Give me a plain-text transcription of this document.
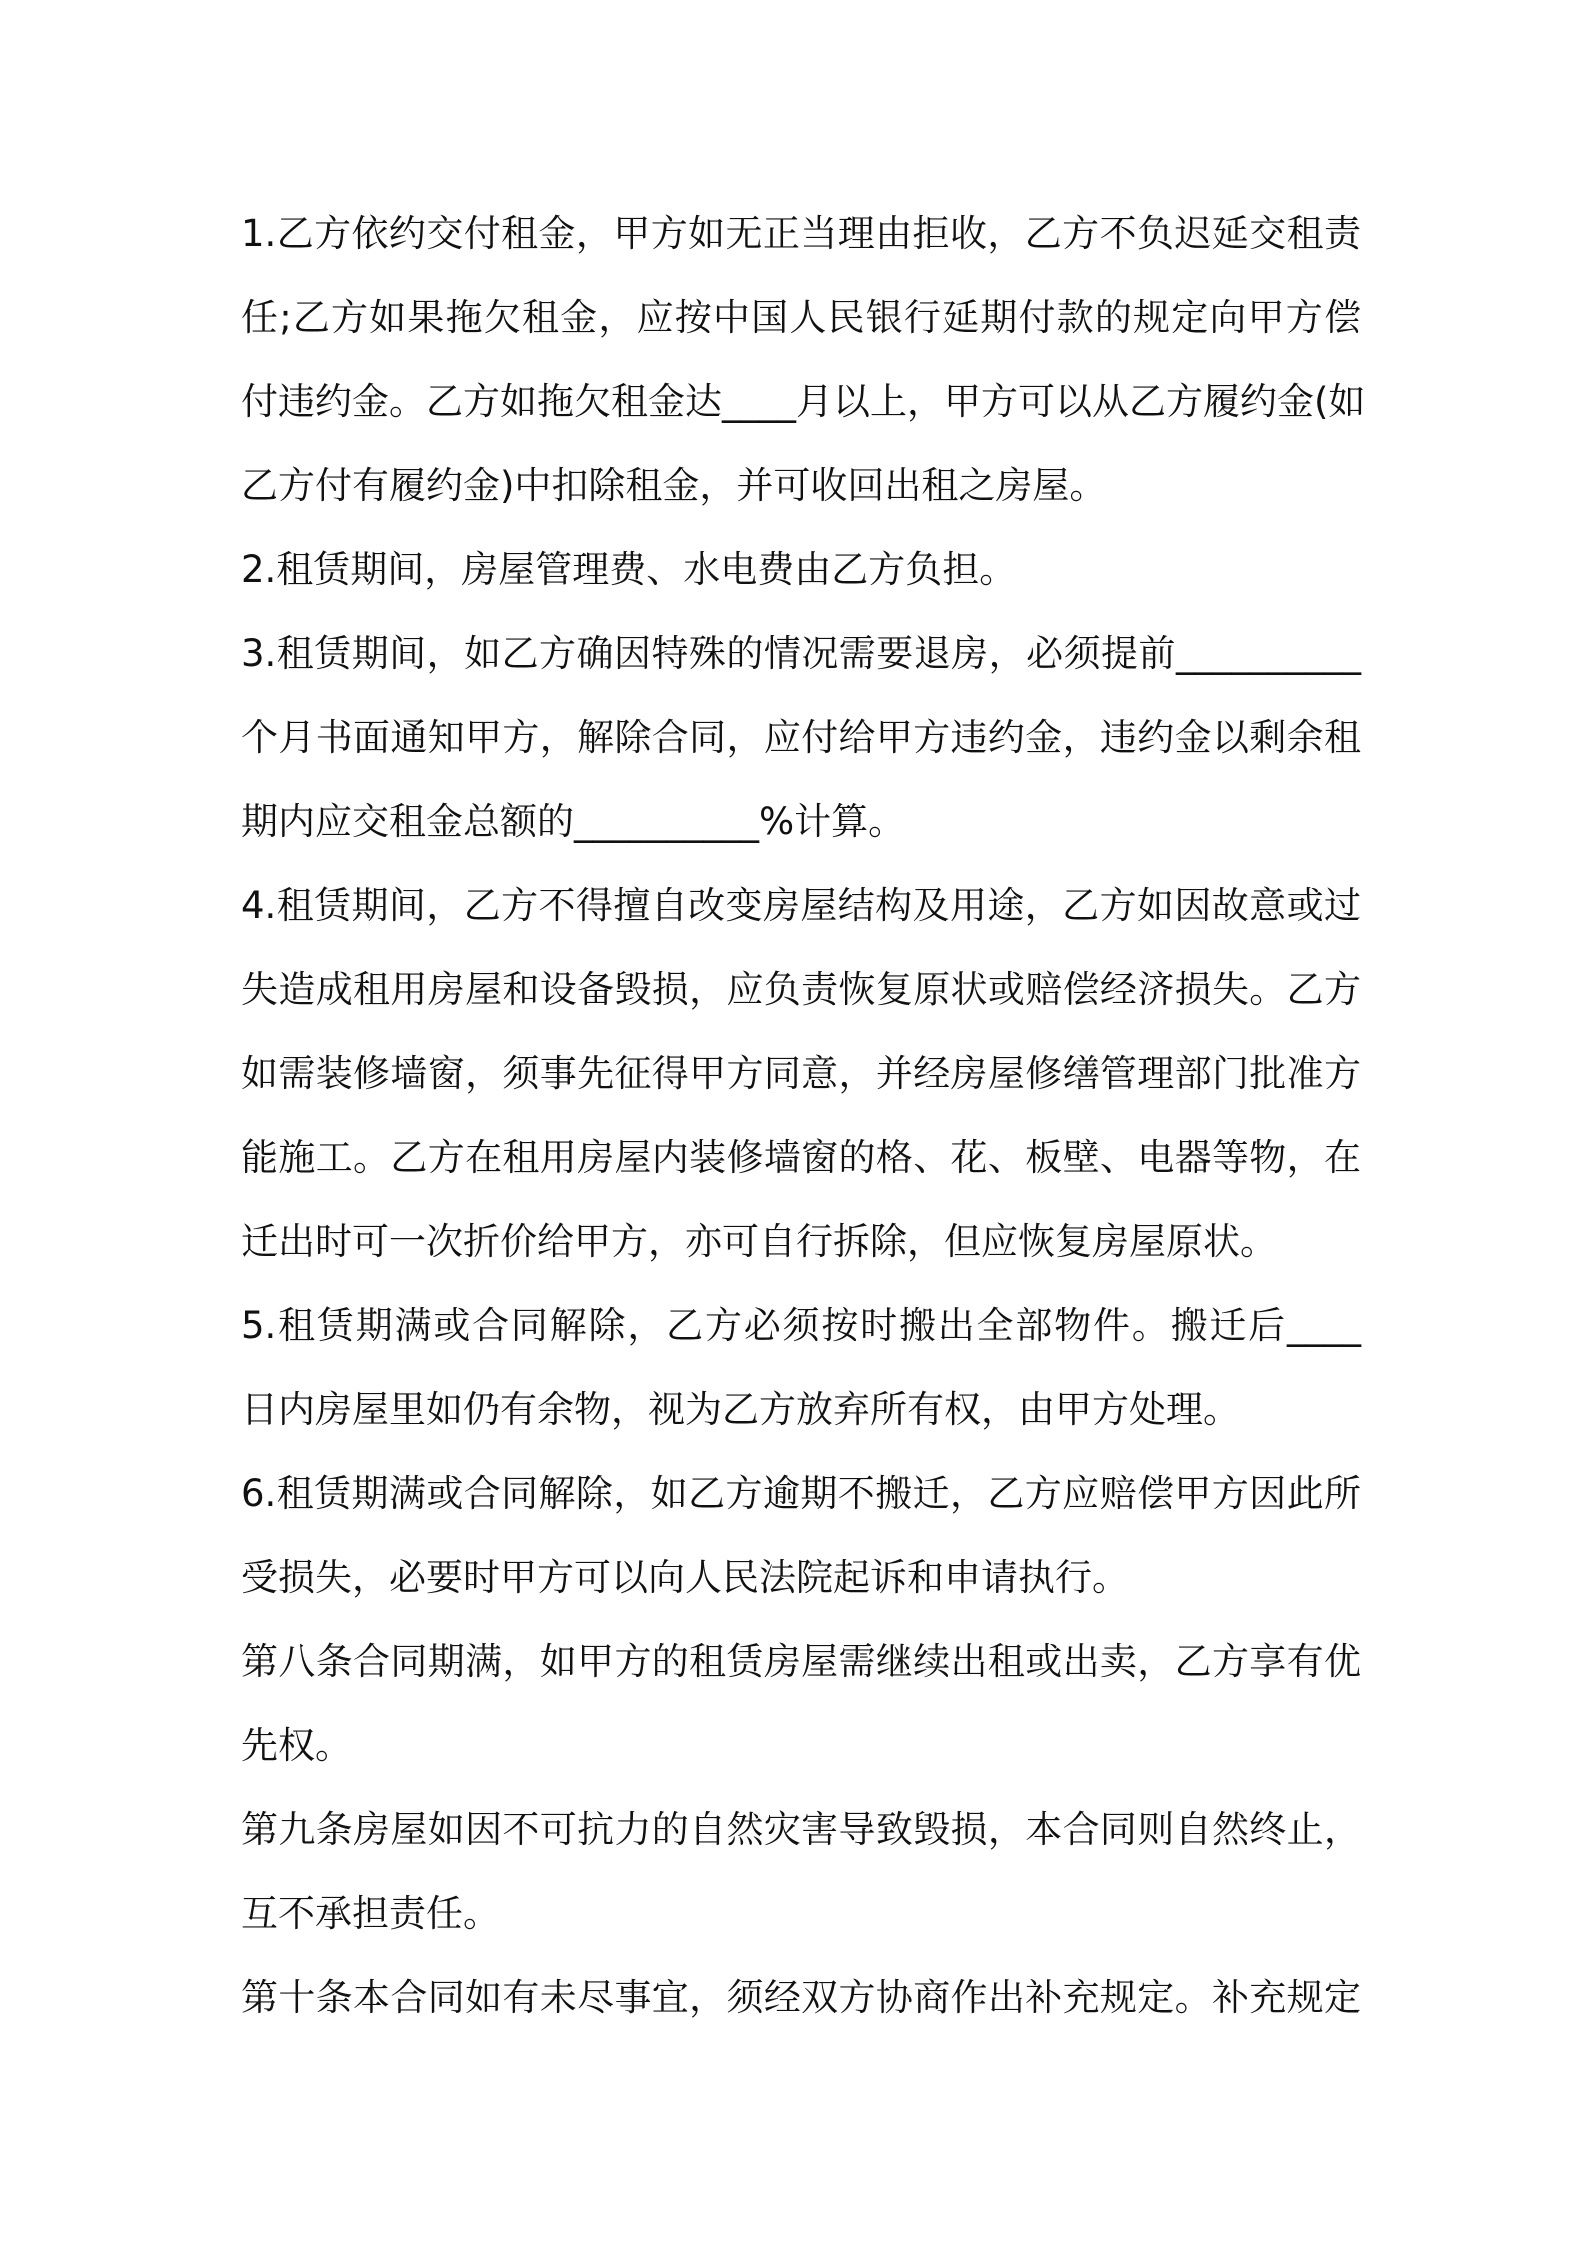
1.乙方依约交付租金，甲方如无正当理由拒收，乙方不负迟延交租责
任;乙方如果拖欠租金，应按中国人民银行延期付款的规定向甲方偿
付违约金。乙方如拖欠租金达____月以上，甲方可以从乙方履约金(如
乙方付有履约金)中扣除租金，并可收回出租之房屋。
2.租赁期间，房屋管理费、水电费由乙方负担。
3.租赁期间，如乙方确因特殊的情况需要退房，必须提前__________
个月书面通知甲方，解除合同，应付给甲方违约金，违约金以剩余租
期内应交租金总额的__________%计算。
4.租赁期间，乙方不得擅自改变房屋结构及用途，乙方如因故意或过
失造成租用房屋和设备毁损，应负责恢复原状或赔偿经济损失。乙方
如需装修墙窗，须事先征得甲方同意，并经房屋修缮管理部门批准方
能施工。乙方在租用房屋内装修墙窗的格、花、板壁、电器等物，在
迁出时可一次折价给甲方，亦可自行拆除，但应恢复房屋原状。
5.租赁期满或合同解除，乙方必须按时搬出全部物件。搬迁后____
日内房屋里如仍有余物，视为乙方放弃所有权，由甲方处理。
6.租赁期满或合同解除，如乙方逾期不搬迁，乙方应赔偿甲方因此所
受损失，必要时甲方可以向人民法院起诉和申请执行。
第八条合同期满，如甲方的租赁房屋需继续出租或出卖，乙方享有优
先权。
第九条房屋如因不可抗力的自然灾害导致毁损，本合同则自然终止，
互不承担责任。
第十条本合同如有未尽事宜，须经双方协商作出补充规定。补充规定
